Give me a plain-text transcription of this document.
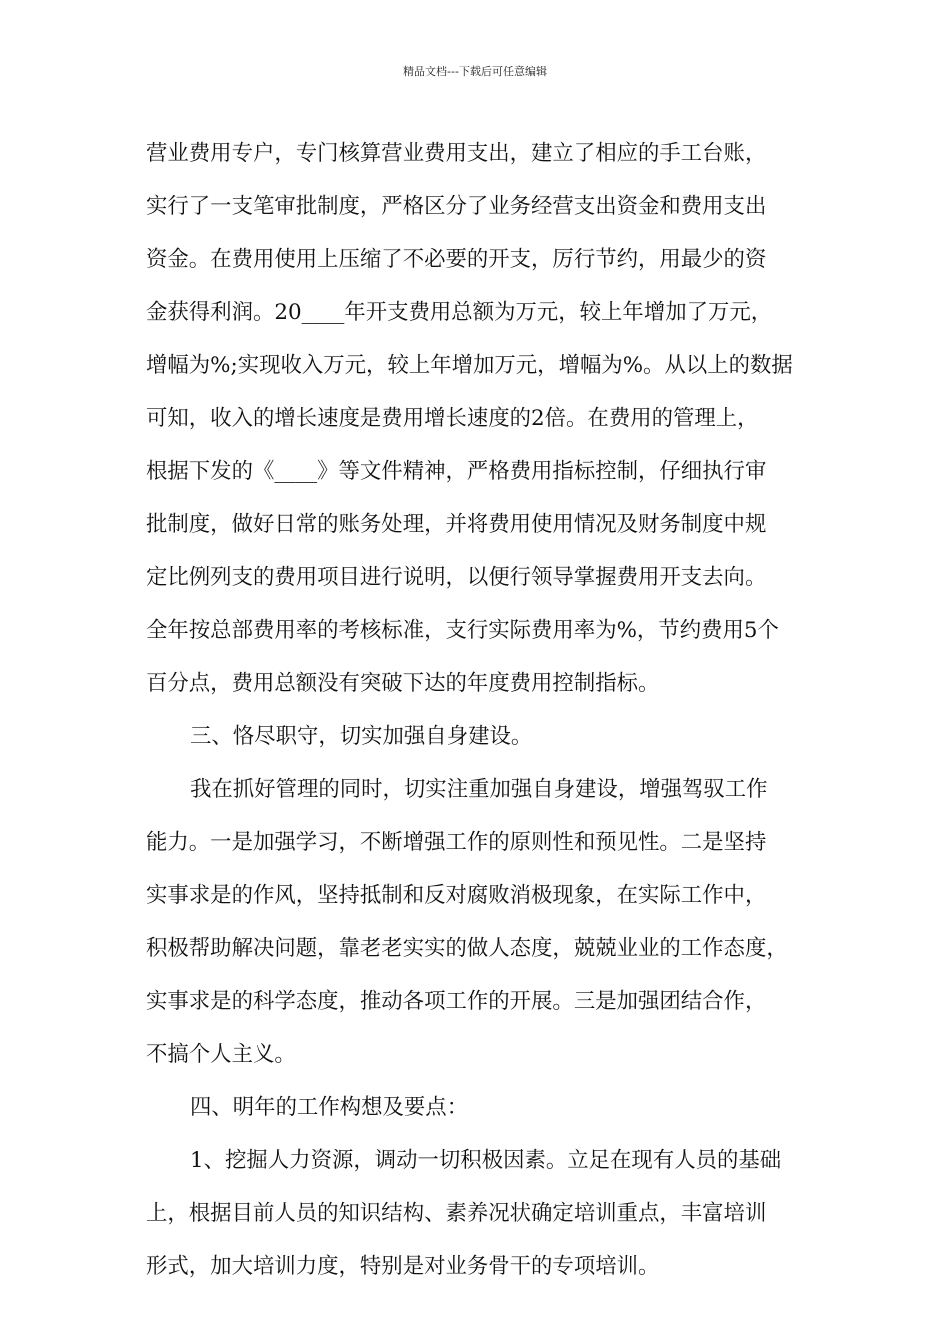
精品文档---下载后可任意编辑
营业费用专户，专门核算营业费用支出，建立了相应的手工台账，
实行了一支笔审批制度，严格区分了业务经营支出资金和费用支出
资金。在费用使用上压缩了不必要的开支，厉行节约，用最少的资
金获得利润。20____年开支费用总额为万元，较上年增加了万元，
增幅为%;实现收入万元，较上年增加万元，增幅为%。从以上的数据
可知，收入的增长速度是费用增长速度的2倍。在费用的管理上，
根据下发的《____》等文件精神，严格费用指标控制，仔细执行审
批制度，做好日常的账务处理，并将费用使用情况及财务制度中规
定比例列支的费用项目进行说明，以便行领导掌握费用开支去向。
全年按总部费用率的考核标准，支行实际费用率为%，节约费用5个
百分点，费用总额没有突破下达的年度费用控制指标。
三、恪尽职守，切实加强自身建设。
我在抓好管理的同时，切实注重加强自身建设，增强驾驭工作
能力。一是加强学习，不断增强工作的原则性和预见性。二是坚持
实事求是的作风，坚持抵制和反对腐败消极现象，在实际工作中，
积极帮助解决问题，靠老老实实的做人态度，兢兢业业的工作态度，
实事求是的科学态度，推动各项工作的开展。三是加强团结合作，
不搞个人主义。
四、明年的工作构想及要点：
1、挖掘人力资源，调动一切积极因素。立足在现有人员的基础
上，根据目前人员的知识结构、素养况状确定培训重点，丰富培训
形式，加大培训力度，特别是对业务骨干的专项培训。
